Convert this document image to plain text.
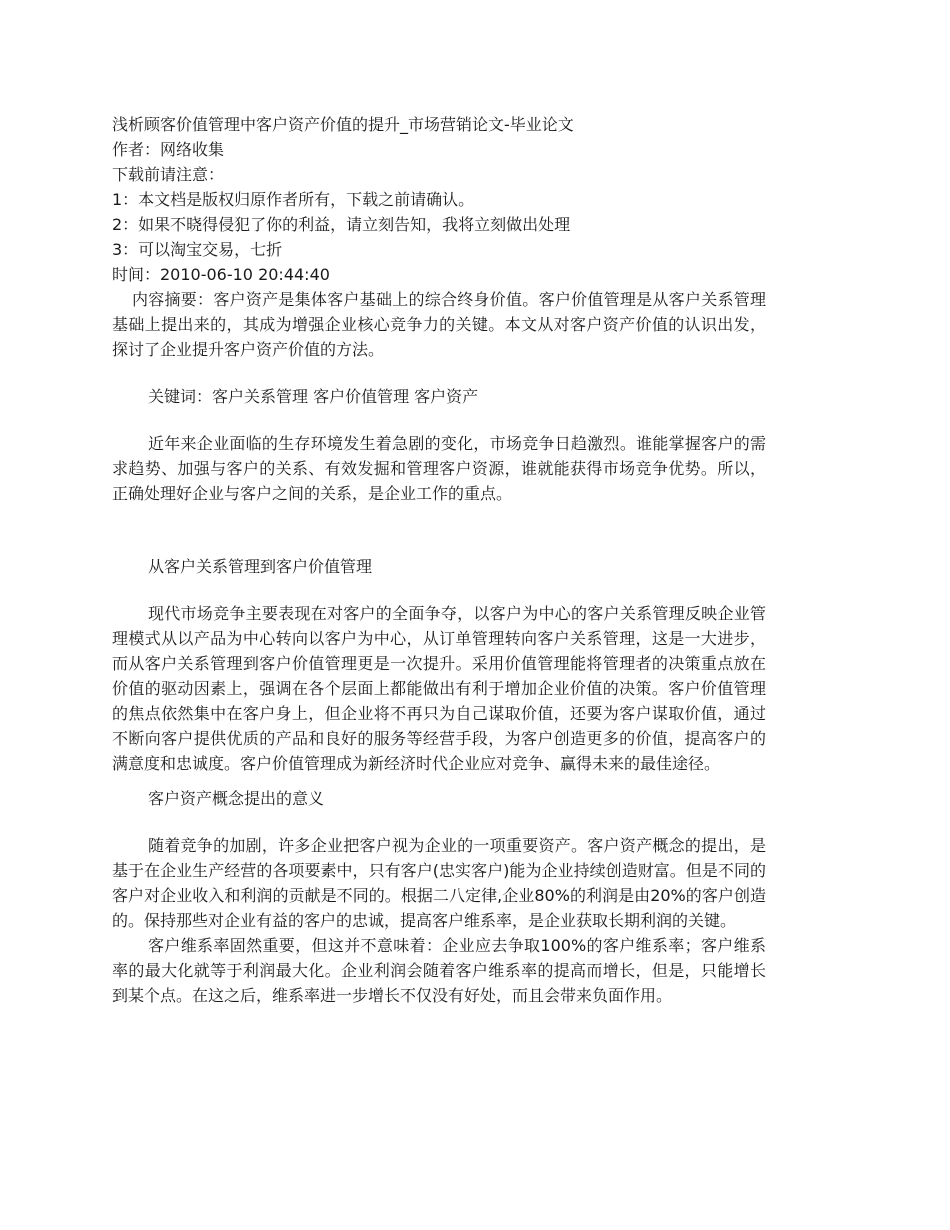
浅析顾客价值管理中客户资产价值的提升_市场营销论文-毕业论文
作者：网络收集
下载前请注意：
1：本文档是版权归原作者所有，下载之前请确认。
2：如果不晓得侵犯了你的利益，请立刻告知，我将立刻做出处理
3：可以淘宝交易，七折
时间：2010-06-10 20:44:40
内容摘要：客户资产是集体客户基础上的综合终身价值。客户价值管理是从客户关系管理基础上提出来的，其成为增强企业核心竞争力的关键。本文从对客户资产价值的认识出发，探讨了企业提升客户资产价值的方法。
关键词：客户关系管理 客户价值管理 客户资产
近年来企业面临的生存环境发生着急剧的变化，市场竞争日趋激烈。谁能掌握客户的需求趋势、加强与客户的关系、有效发掘和管理客户资源，谁就能获得市场竞争优势。所以，正确处理好企业与客户之间的关系，是企业工作的重点。
从客户关系管理到客户价值管理
现代市场竞争主要表现在对客户的全面争夺，以客户为中心的客户关系管理反映企业管理模式从以产品为中心转向以客户为中心，从订单管理转向客户关系管理，这是一大进步，而从客户关系管理到客户价值管理更是一次提升。采用价值管理能将管理者的决策重点放在价值的驱动因素上，强调在各个层面上都能做出有利于增加企业价值的决策。客户价值管理的焦点依然集中在客户身上，但企业将不再只为自己谋取价值，还要为客户谋取价值，通过不断向客户提供优质的产品和良好的服务等经营手段，为客户创造更多的价值，提高客户的满意度和忠诚度。客户价值管理成为新经济时代企业应对竞争、赢得未来的最佳途径。
客户资产概念提出的意义
随着竞争的加剧，许多企业把客户视为企业的一项重要资产。客户资产概念的提出，是基于在企业生产经营的各项要素中，只有客户(忠实客户)能为企业持续创造财富。但是不同的客户对企业收入和利润的贡献是不同的。根据二八定律,企业80%的利润是由20%的客户创造的。保持那些对企业有益的客户的忠诚，提高客户维系率，是企业获取长期利润的关键。
客户维系率固然重要，但这并不意味着：企业应去争取100%的客户维系率；客户维系率的最大化就等于利润最大化。企业利润会随着客户维系率的提高而增长，但是，只能增长到某个点。在这之后，维系率进一步增长不仅没有好处，而且会带来负面作用。
